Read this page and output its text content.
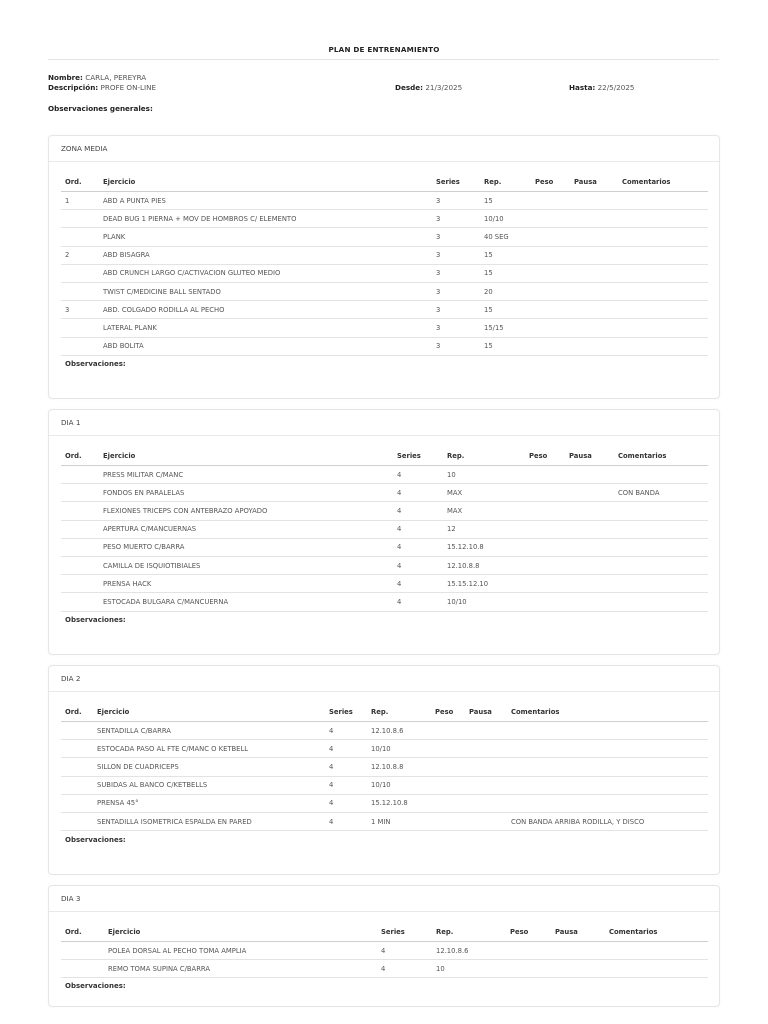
PLAN DE ENTRENAMIENTO
Nombre: CARLA, PEREYRA
Descripción: PROFE ON-LINE	Desde: 21/3/2025	Hasta: 22/5/2025
Observaciones generales:
ZONA MEDIA
Ord.	Ejercicio	Series	Rep.	Peso	Pausa	Comentarios
1	ABD A PUNTA PIES	3	15			
	DEAD BUG 1 PIERNA + MOV DE HOMBROS C/ ELEMENTO	3	10/10			
	PLANK	3	40 SEG			
2	ABD BISAGRA	3	15			
	ABD CRUNCH LARGO C/ACTIVACION GLUTEO MEDIO	3	15			
	TWIST C/MEDICINE BALL SENTADO	3	20			
3	ABD. COLGADO RODILLA AL PECHO	3	15			
	LATERAL PLANK	3	15/15			
	ABD BOLITA	3	15			
Observaciones:
DIA 1
Ord.	Ejercicio	Series	Rep.	Peso	Pausa	Comentarios
	PRESS MILITAR C/MANC	4	10			
	FONDOS EN PARALELAS	4	MAX			CON BANDA
	FLEXIONES TRICEPS CON ANTEBRAZO APOYADO	4	MAX			
	APERTURA C/MANCUERNAS	4	12			
	PESO MUERTO C/BARRA	4	15.12.10.8			
	CAMILLA DE ISQUIOTIBIALES	4	12.10.8.8			
	PRENSA HACK	4	15.15.12.10			
	ESTOCADA BULGARA C/MANCUERNA	4	10/10			
Observaciones:
DIA 2
Ord.	Ejercicio	Series	Rep.	Peso	Pausa	Comentarios
	SENTADILLA C/BARRA	4	12.10.8.6			
	ESTOCADA PASO AL FTE C/MANC O KETBELL	4	10/10			
	SILLON DE CUADRICEPS	4	12.10.8.8			
	SUBIDAS AL BANCO C/KETBELLS	4	10/10			
	PRENSA 45°	4	15.12.10.8			
	SENTADILLA ISOMETRICA ESPALDA EN PARED	4	1 MIN			CON BANDA ARRIBA RODILLA, Y DISCO
Observaciones:
DIA 3
Ord.	Ejercicio	Series	Rep.	Peso	Pausa	Comentarios
	POLEA DORSAL AL PECHO TOMA AMPLIA	4	12.10.8.6			
	REMO TOMA SUPINA C/BARRA	4	10			
Observaciones:
